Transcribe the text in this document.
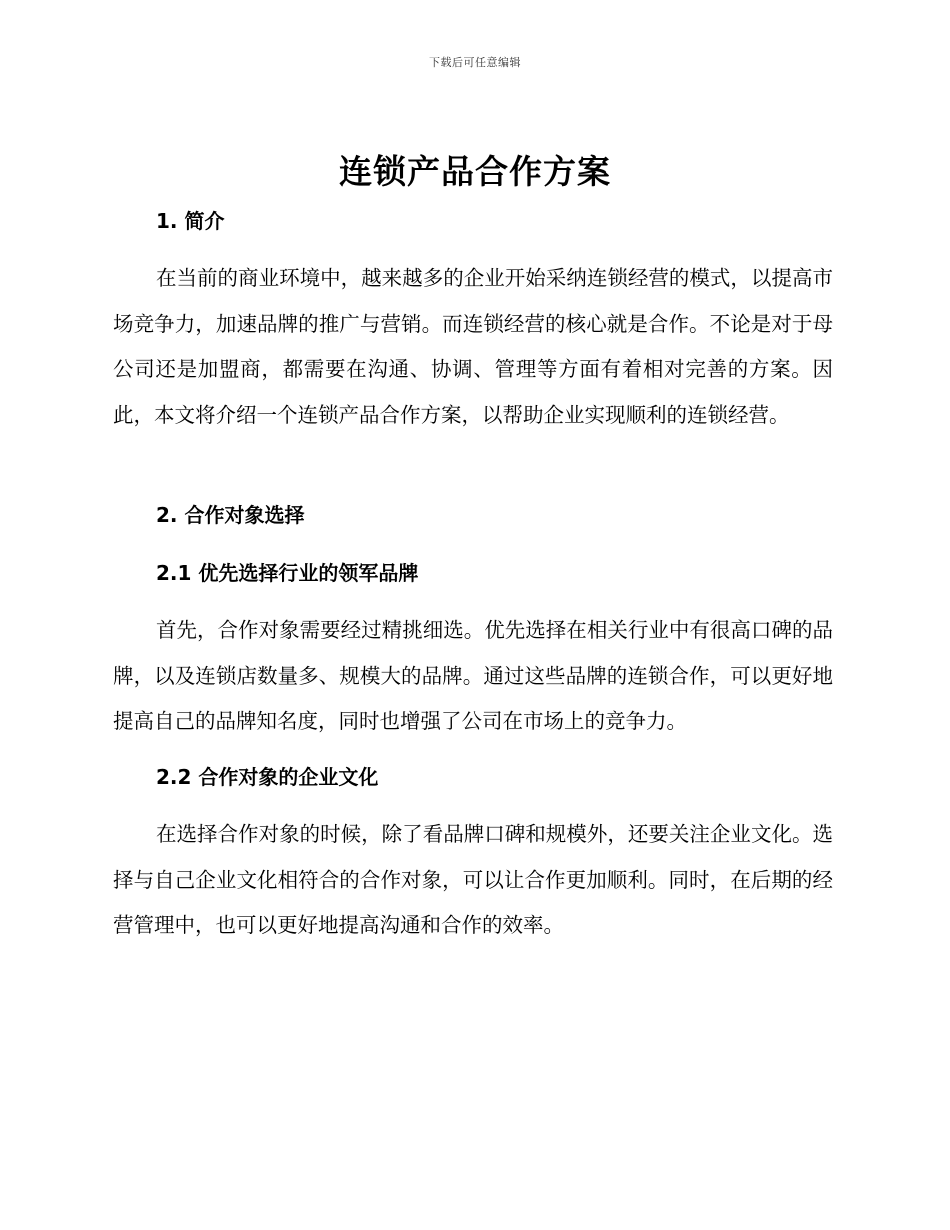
下载后可任意编辑
连锁产品合作方案
1. 简介

在当前的商业环境中，越来越多的企业开始采纳连锁经营的模式，以提高市场竞争力，加速品牌的推广与营销。而连锁经营的核心就是合作。不论是对于母公司还是加盟商，都需要在沟通、协调、管理等方面有着相对完善的方案。因此，本文将介绍一个连锁产品合作方案，以帮助企业实现顺利的连锁经营。

2. 合作对象选择
2.1 优先选择行业的领军品牌

首先，合作对象需要经过精挑细选。优先选择在相关行业中有很高口碑的品牌，以及连锁店数量多、规模大的品牌。通过这些品牌的连锁合作，可以更好地提高自己的品牌知名度，同时也增强了公司在市场上的竞争力。

2.2 合作对象的企业文化

在选择合作对象的时候，除了看品牌口碑和规模外，还要关注企业文化。选择与自己企业文化相符合的合作对象，可以让合作更加顺利。同时，在后期的经营管理中，也可以更好地提高沟通和合作的效率。
